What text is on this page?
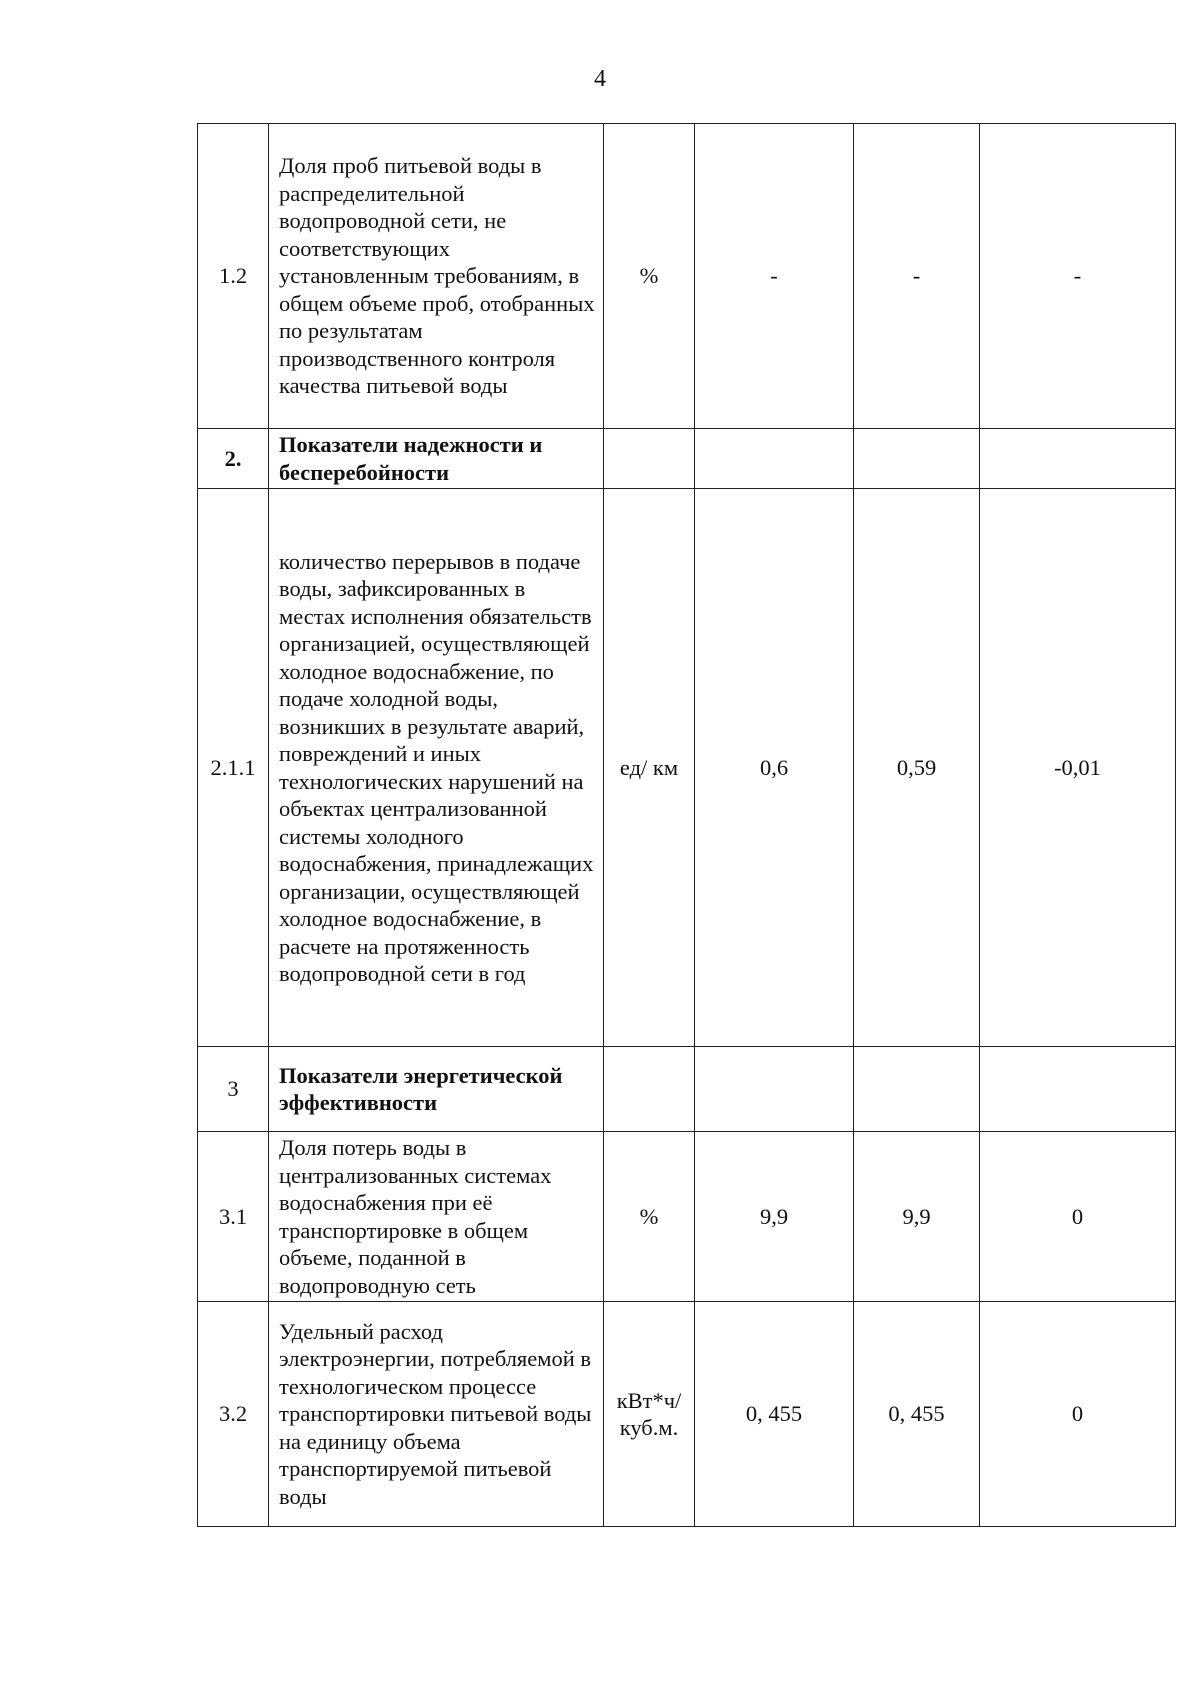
4
1.2	Доля проб питьевой воды в распределительной водопроводной сети, не соответствующих установленным требованиям, в общем объеме проб, отобранных по результатам производственного контроля качества питьевой воды	%	-	-	-
2.	Показатели надежности и бесперебойности				
2.1.1	количество перерывов в подаче воды, зафиксированных в местах исполнения обязательств организацией, осуществляющей холодное водоснабжение, по подаче холодной воды, возникших в результате аварий, повреждений и иных технологических нарушений на объектах централизованной системы холодного водоснабжения, принадлежащих организации, осуществляющей холодное водоснабжение, в расчете на протяженность водопроводной сети в год	ед/ км	0,6	0,59	-0,01
3	Показатели энергетической эффективности				
3.1	Доля потерь воды в централизованных системах водоснабжения при её транспортировке в общем объеме, поданной в водопроводную сеть	%	9,9	9,9	0
3.2	Удельный расход электроэнергии, потребляемой в технологическом процессе транспортировки питьевой воды на единицу объема транспортируемой питьевой воды	кВт*ч/ куб.м.	0, 455	0, 455	0
